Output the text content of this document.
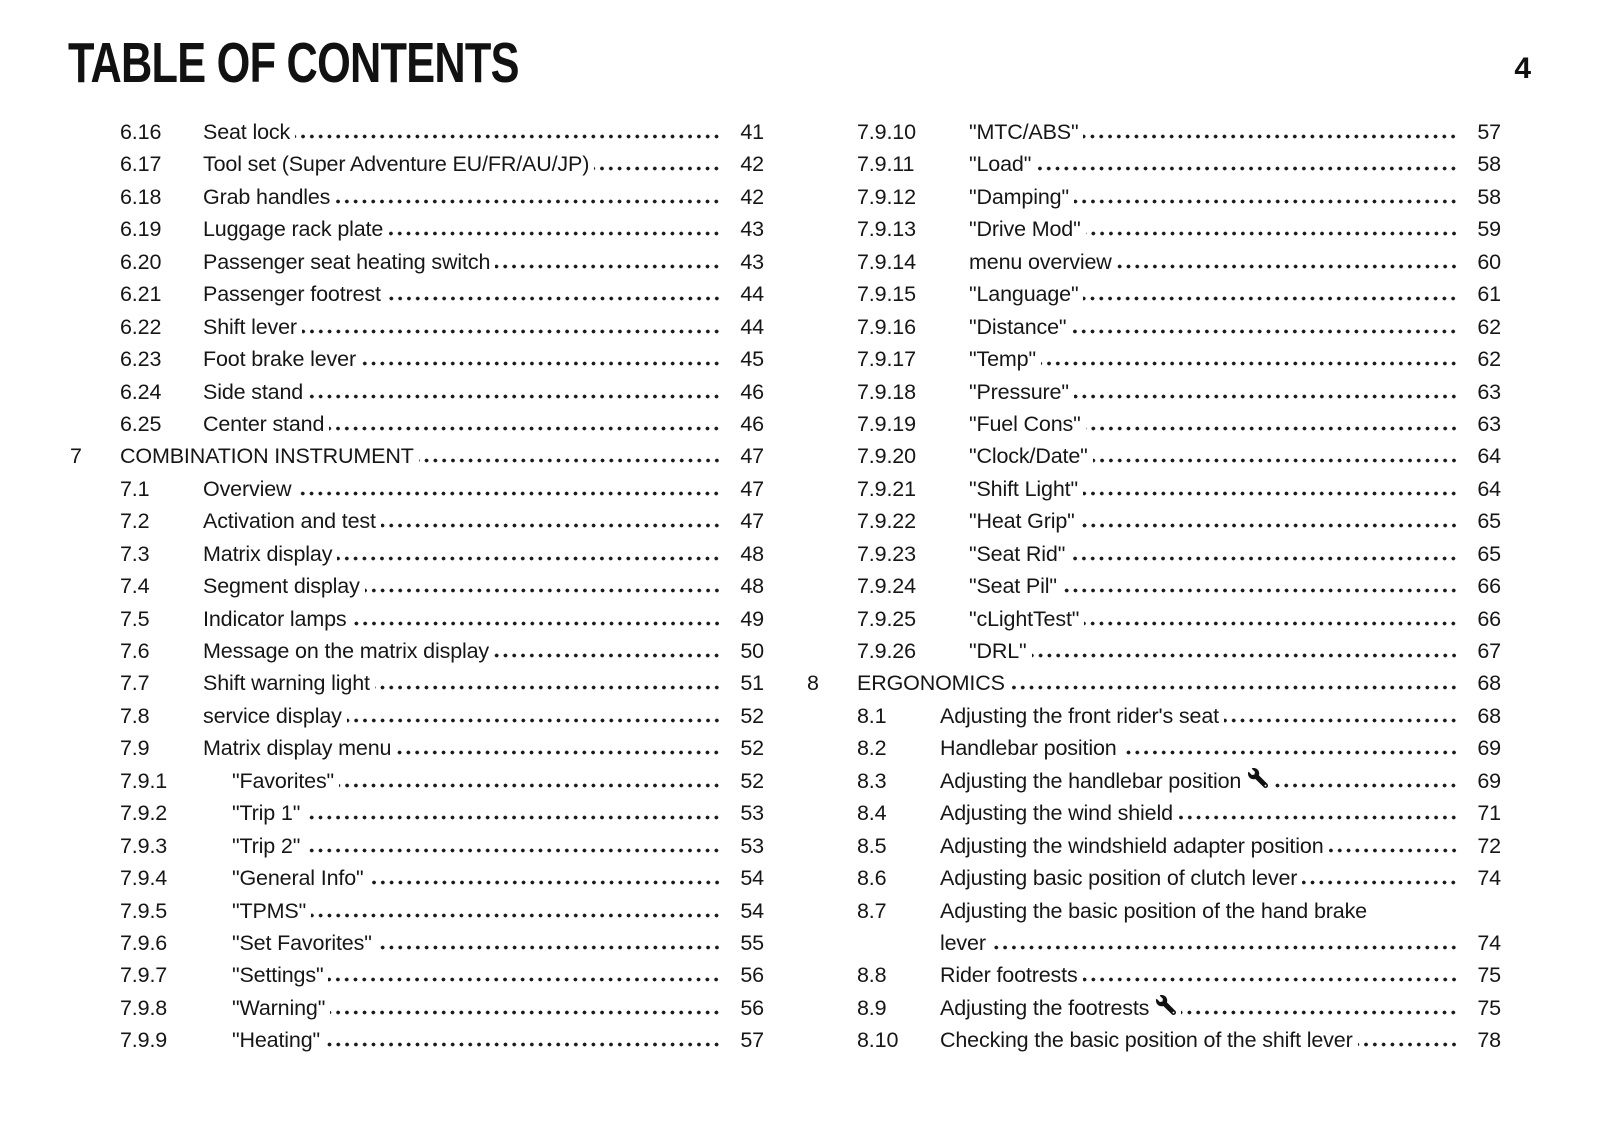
TABLE OF CONTENTS	4
6.16	Seat lock	41
6.17	Tool set (Super Adventure EU/FR/AU/JP)	42
6.18	Grab handles	42
6.19	Luggage rack plate	43
6.20	Passenger seat heating switch	43
6.21	Passenger footrest	44
6.22	Shift lever	44
6.23	Foot brake lever	45
6.24	Side stand	46
6.25	Center stand	46
7	COMBINATION INSTRUMENT	47
7.1	Overview	47
7.2	Activation and test	47
7.3	Matrix display	48
7.4	Segment display	48
7.5	Indicator lamps	49
7.6	Message on the matrix display	50
7.7	Shift warning light	51
7.8	service display	52
7.9	Matrix display menu	52
7.9.1	"Favorites"	52
7.9.2	"Trip 1"	53
7.9.3	"Trip 2"	53
7.9.4	"General Info"	54
7.9.5	"TPMS"	54
7.9.6	"Set Favorites"	55
7.9.7	"Settings"	56
7.9.8	"Warning"	56
7.9.9	"Heating"	57
7.9.10	"MTC/ABS"	57
7.9.11	"Load"	58
7.9.12	"Damping"	58
7.9.13	"Drive Mod"	59
7.9.14	menu overview	60
7.9.15	"Language"	61
7.9.16	"Distance"	62
7.9.17	"Temp"	62
7.9.18	"Pressure"	63
7.9.19	"Fuel Cons"	63
7.9.20	"Clock/Date"	64
7.9.21	"Shift Light"	64
7.9.22	"Heat Grip"	65
7.9.23	"Seat Rid"	65
7.9.24	"Seat Pil"	66
7.9.25	"cLightTest"	66
7.9.26	"DRL"	67
8	ERGONOMICS	68
8.1	Adjusting the front rider's seat	68
8.2	Handlebar position	69
8.3	Adjusting the handlebar position	69
8.4	Adjusting the wind shield	71
8.5	Adjusting the windshield adapter position	72
8.6	Adjusting basic position of clutch lever	74
8.7	Adjusting the basic position of the hand brake
lever	74
8.8	Rider footrests	75
8.9	Adjusting the footrests	75
8.10	Checking the basic position of the shift lever	78
